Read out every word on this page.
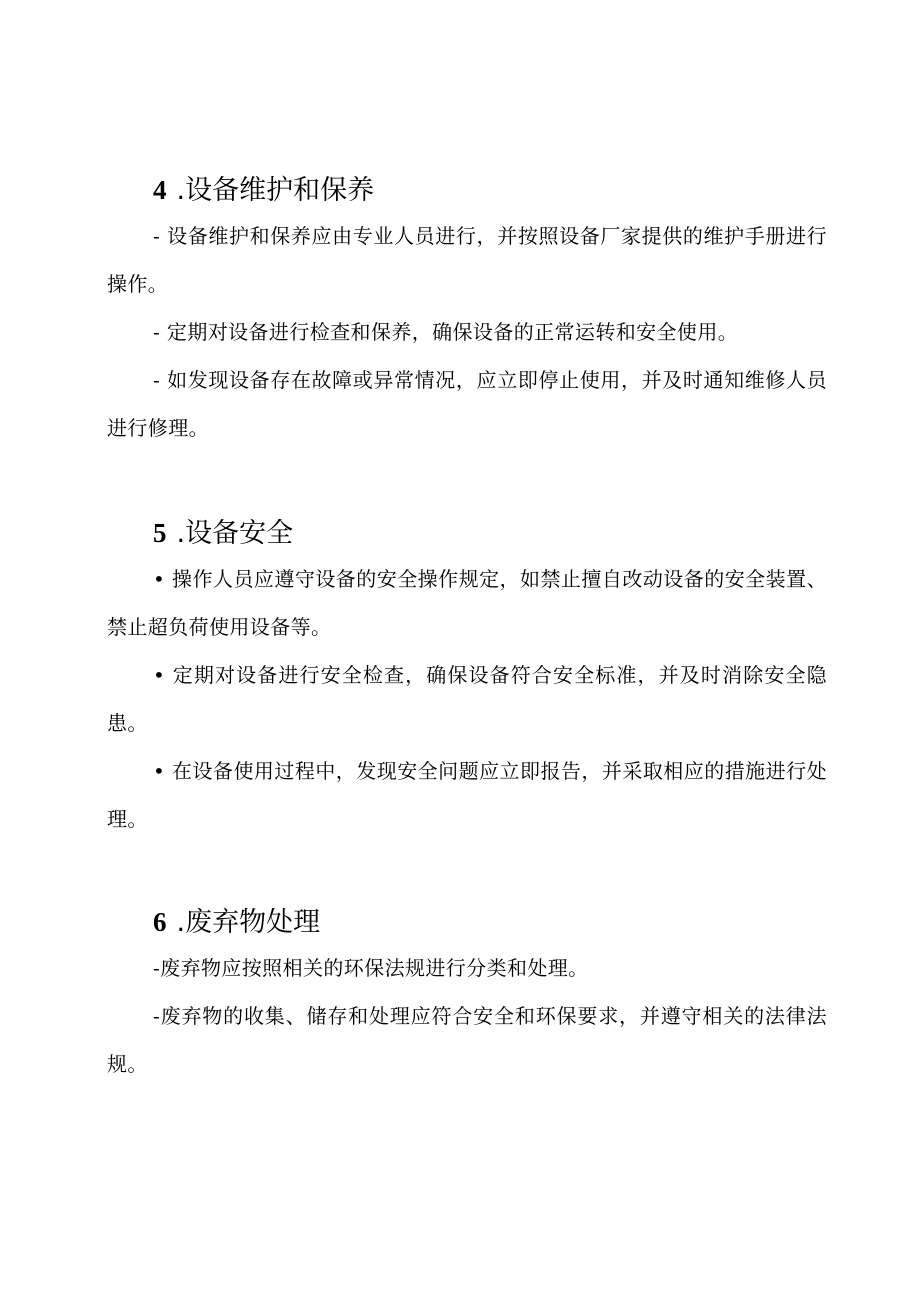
4 .设备维护和保养

- 设备维护和保养应由专业人员进行，并按照设备厂家提供的维护手册进行操作。

- 定期对设备进行检查和保养，确保设备的正常运转和安全使用。

- 如发现设备存在故障或异常情况，应立即停止使用，并及时通知维修人员进行修理。

5 .设备安全

• 操作人员应遵守设备的安全操作规定，如禁止擅自改动设备的安全装置、禁止超负荷使用设备等。

• 定期对设备进行安全检查，确保设备符合安全标准，并及时消除安全隐患。

• 在设备使用过程中，发现安全问题应立即报告，并采取相应的措施进行处理。

6 .废弃物处理

-废弃物应按照相关的环保法规进行分类和处理。

-废弃物的收集、储存和处理应符合安全和环保要求，并遵守相关的法律法规。
